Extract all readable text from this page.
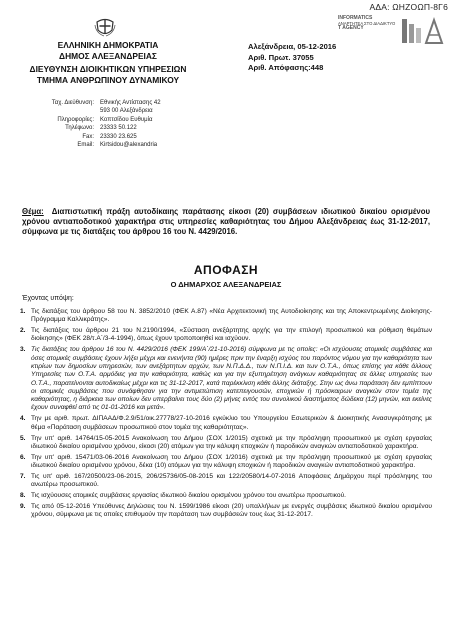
ΑΔΑ: ΩΗΖΟΩΠ-8Γ6
INFORMATICS
ΑΝΑΡΤΗΤΕΑ ΣΤΟ ΔΙΑΔΙΚΤΥΟ
T AGENCY
ΕΛΛΗΝΙΚΗ ΔΗΜΟΚΡΑΤΙΑ
ΔΗΜΟΣ ΑΛΕΞΑΝΔΡΕΙΑΣ
ΔΙΕΥΘΥΝΣΗ ΔΙΟΙΚΗΤΙΚΩΝ ΥΠΗΡΕΣΙΩΝ
ΤΜΗΜΑ ΑΝΘΡΩΠΙΝΟΥ ΔΥΝΑΜΙΚΟΥ
Αλεξάνδρεια, 05-12-2016
Αριθ. Πρωτ. 37055
Αριθ. Απόφασης:448
Ταχ. Διεύθυνση:	Εθνικής Αντίστασης 42
593 00 Αλεξάνδρεια
Πληροφορίες:	Κοπτσίδου Ευθυμία
Τηλέφωνο:	23333 50.122
Fax:	23330 23.625
Email:	Kirtsidou@alexandria
Θέμα: Διαπιστωτική πράξη αυτοδίκαιης παράτασης είκοσι (20) συμβάσεων ιδιωτικού δικαίου ορισμένου χρόνου αντιαποδοτικού χαρακτήρα στις υπηρεσίες καθαριότητας του Δήμου Αλεξάνδρειας έως 31-12-2017, σύμφωνα με τις διατάξεις του άρθρου 16 του Ν. 4429/2016.
ΑΠΟΦΑΣΗ
Ο ΔΗΜΑΡΧΟΣ ΑΛΕΞΑΝΔΡΕΙΑΣ
Έχοντας υπόψη:
1. Τις διατάξεις του άρθρου 58 του Ν. 3852/2010 (ΦΕΚ Α.87) «Νέα Αρχιτεκτονική της Αυτοδιοίκησης και της Αποκεντρωμένης Διοίκησης-Πρόγραμμα Καλλικράτης».
2. Τις διατάξεις του άρθρου 21 του Ν.2190/1994, «Σύσταση ανεξάρτητης αρχής για την επιλογή προσωπικού και ρύθμιση θεμάτων διοίκησης» (ΦΕΚ 28/τ.Α΄/3-4-1994), όπως έχουν τροποποιηθεί και ισχύουν.
3. Τις διατάξεις του άρθρου 16 του Ν. 4429/2016 (ΦΕΚ 199/Α΄/21-10-2016) σύμφωνα με τις οποίες: «Οι ισχύουσες ατομικές συμβάσεις και όσες ατομικές συμβάσεις έχουν λήξει μέχρι και ενενήντα (90) ημέρες πριν την έναρξη ισχύος του παρόντος νόμου για την καθαριότητα των κτιρίων των δημοσίων υπηρεσιών, των ανεξάρτητων αρχών, των Ν.Π.Δ.Δ., των Ν.Π.Ι.Δ. και των Ο.Τ.Α., όπως επίσης για κάθε άλλους Υπηρεσίες των Ο.Τ.Α. αρμόδιες για την καθαριότητα, καθώς και για την εξυπηρέτηση ανάγκων καθαριότητας σε άλλες υπηρεσίες των Ο.Τ.Α., παρατείνονται αυτοδικαίως μέχρι και τις 31-12-2017, κατά παρέκκλιση κάθε άλλης διάταξης. Στην ως άνω παράταση δεν εμπίπτουν οι ατομικές συμβάσεις που συνάφθησαν για την αντιμετώπιση κατεπειγουσών, εποχικών ή πρόσκαιρων αναγκών στον τομέα της καθαριότητας, η διάρκεια των οποίων δεν υπερβαίνει τους δύο (2) μήνες εντός του συνολικού διαστήματος δώδεκα (12) μηνών, και εκείνες έχουν συναφθεί από τις 01-01-2016 και μετά».
4. Την με αριθ. πρωτ. ΔΙΠΑΑΔ/Φ.2.9/51/οικ.27778/27-10-2016 εγκύκλιο του Υπουργείου Εσωτερικών & Διοικητικής Ανασυγκρότησης με θέμα «Παράταση συμβάσεων προσωπικού στον τομέα της καθαριότητας».
5. Την υπ' αριθ. 14764/15-05-2015 Ανακοίνωση του Δήμου (ΣΟΧ 1/2015) σχετικά με την πρόσληψη προσωπικού με σχέση εργασίας ιδιωτικού δικαίου ορισμένου χρόνου, είκοσι (20) ατόμων για την κάλυψη εποχικών ή παροδικών αναγκών αντιαποδοτικού χαρακτήρα.
6. Την υπ' αριθ. 15471/03-06-2016 Ανακοίνωση του Δήμου (ΣΟΧ 1/2016) σχετικά με την πρόσληψη προσωπικού με σχέση εργασίας ιδιωτικού δικαίου ορισμένου χρόνου, δέκα (10) ατόμων για την κάλυψη εποχικών ή παροδικών αναγκών αντιαποδοτικού χαρακτήρα.
7. Τις υπ' αριθ. 167/20500/23-06-2015, 206/25736/05-08-2015 και 122/20580/14-07-2016 Αποφάσεις Δημάρχου περί πρόσληψης του ανωτέρω προσωπικού.
8. Τις ισχύουσες ατομικές συμβάσεις εργασίας ιδιωτικού δικαίου ορισμένου χρόνου του ανωτέρω προσωπικού.
9. Τις από 05-12-2016 Υπεύθυνες Δηλώσεις του Ν. 1599/1986 είκοσι (20) υπαλλήλων με ενεργές συμβάσεις ιδιωτικού δικαίου ορισμένου χρόνου, σύμφωνα με τις οποίες επιθυμούν την παράταση των συμβάσεών τους έως 31-12-2017.
